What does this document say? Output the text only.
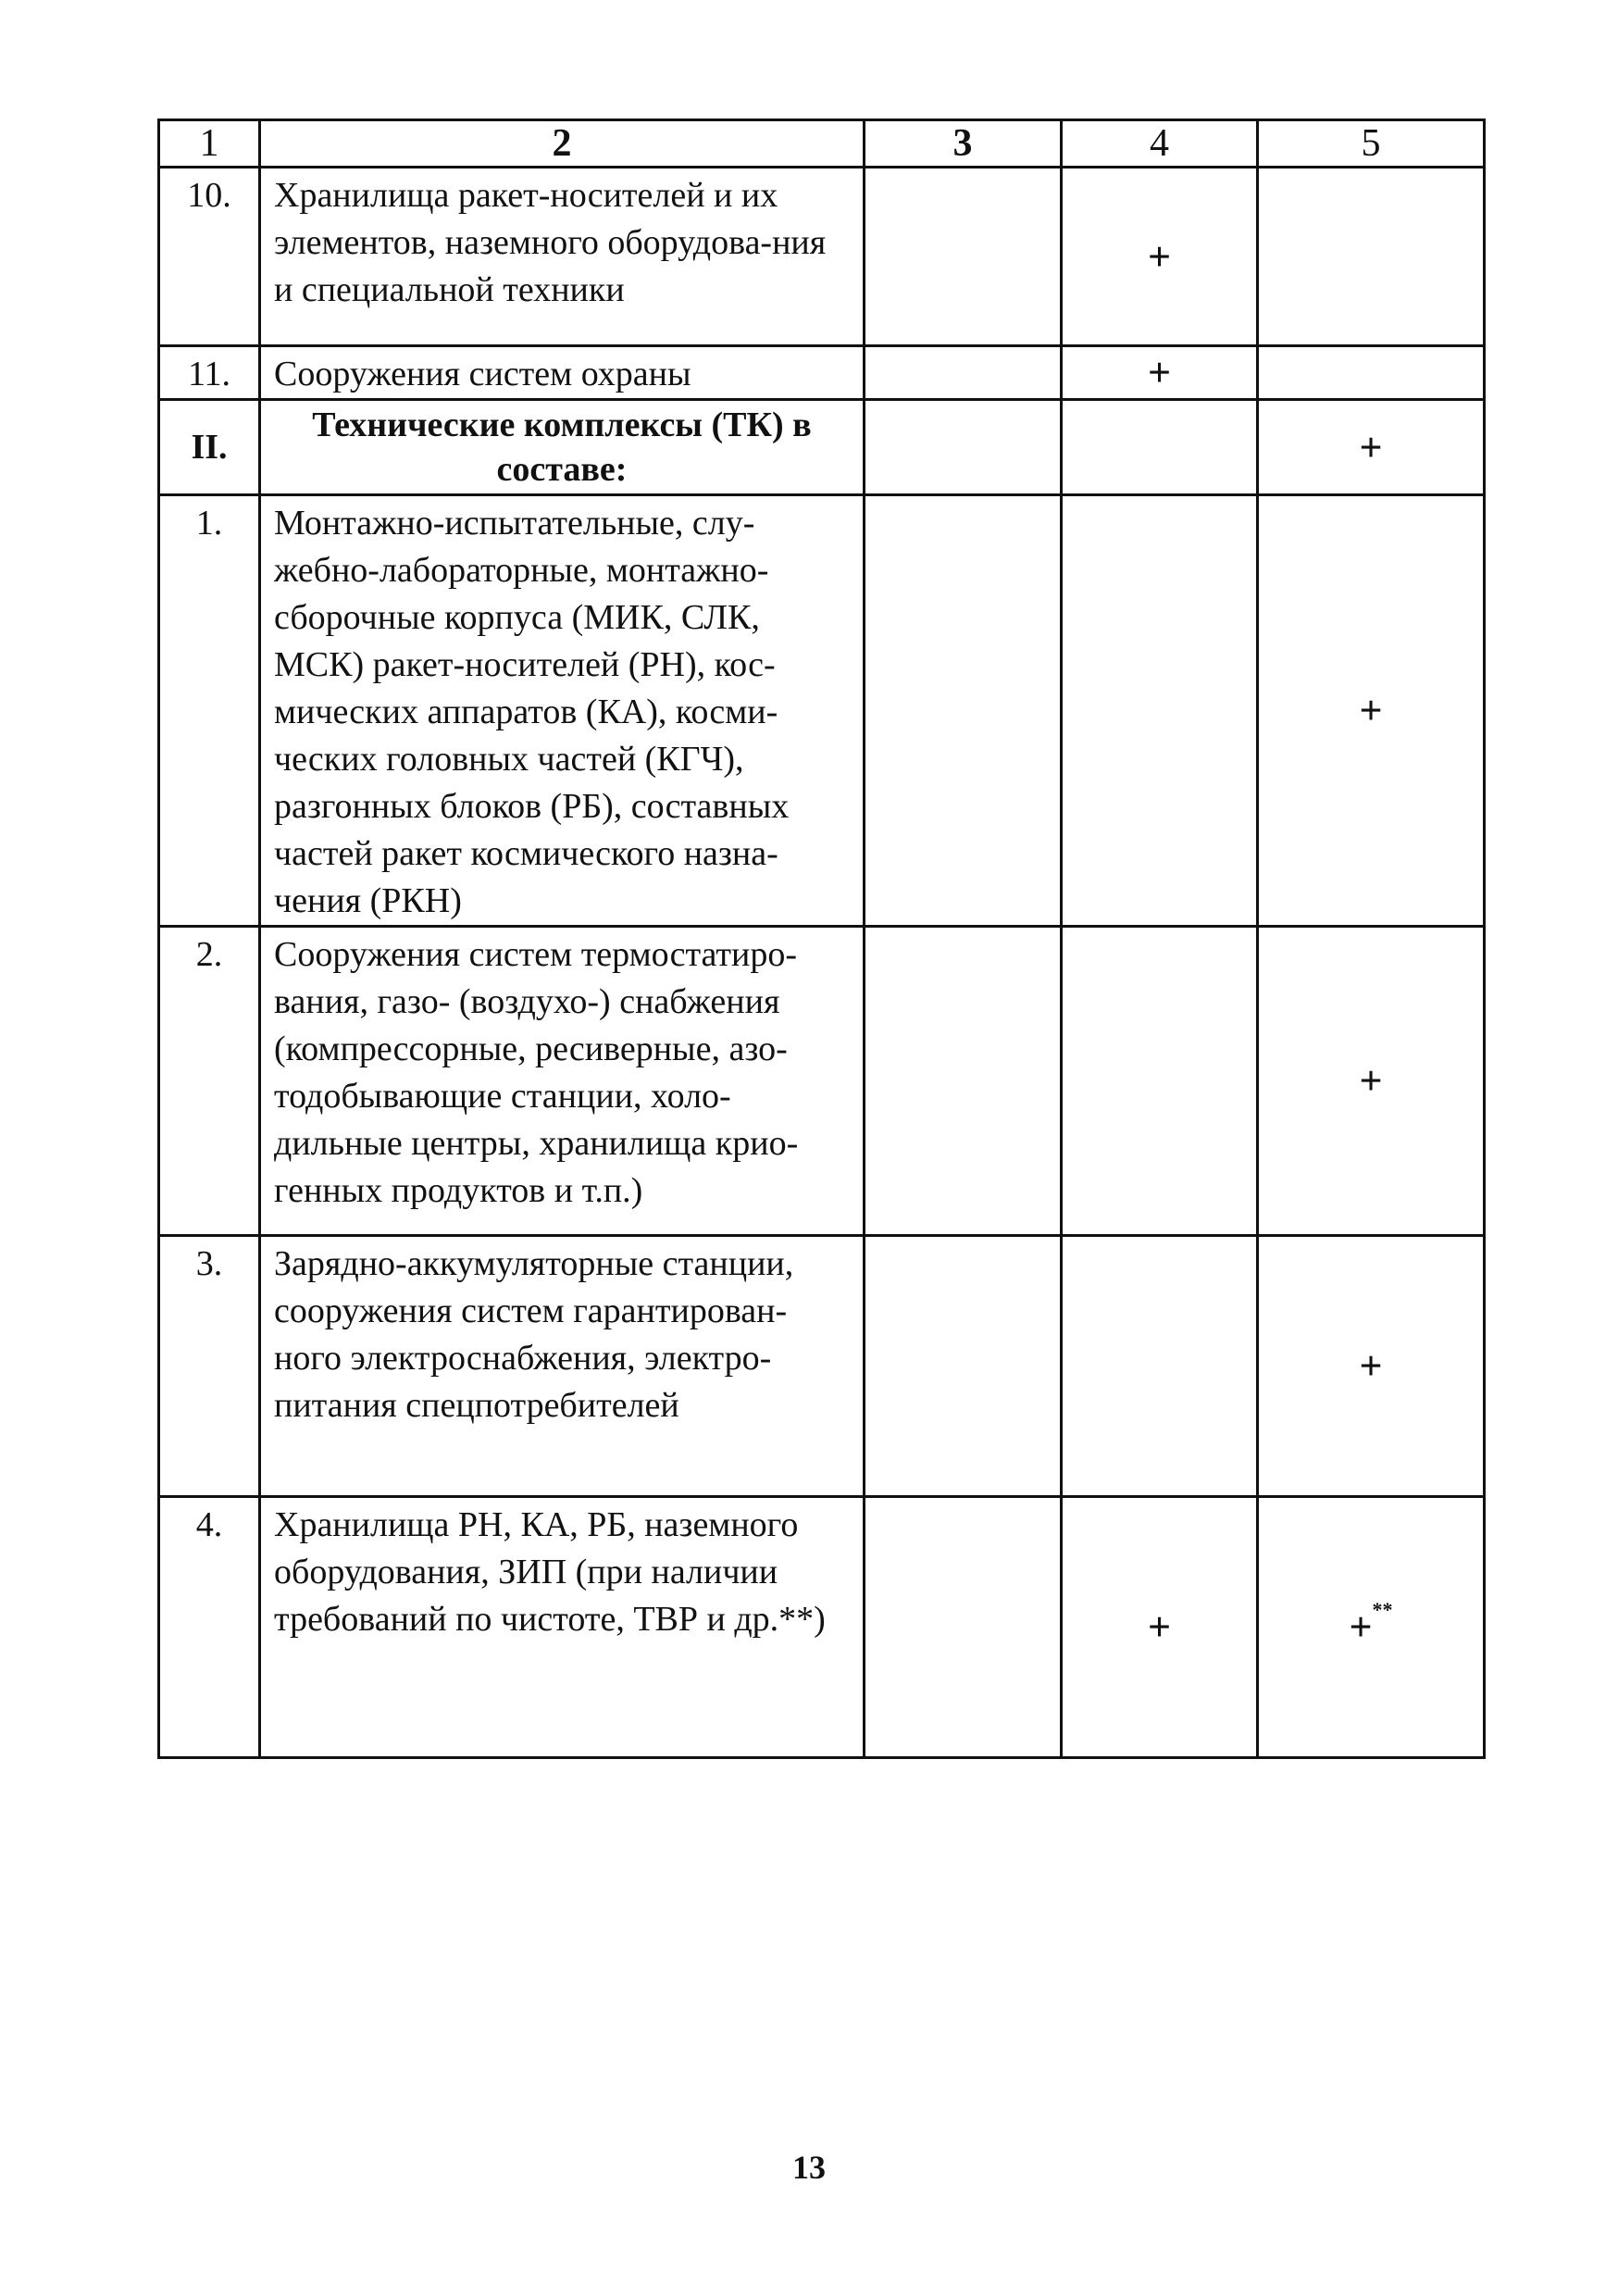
1	2	3	4	5
10.	Хранилища ракет-носителей и их элементов, наземного оборудова-ния и специальной техники		+	
11.	Сооружения систем охраны		+	
II.	Технические комплексы (ТК) в составе:			+
1.	Монтажно-испытательные, слу-жебно-лабораторные, монтажно-сборочные корпуса (МИК, СЛК, МСК) ракет-носителей (РН), кос-мических аппаратов (КА), косми-ческих головных частей (КГЧ), разгонных блоков (РБ), составных частей ракет космического назна-чения (РКН)			+
2.	Сооружения систем термостатиро-вания, газо- (воздухо-) снабжения (компрессорные, ресиверные, азо-тодобывающие станции, холо-дильные центры, хранилища крио-генных продуктов и т.п.)			+
3.	Зарядно-аккумуляторные станции, сооружения систем гарантирован-ного электроснабжения, электро-питания спецпотребителей			+
4.	Хранилища РН, КА, РБ, наземного оборудования, ЗИП (при наличии требований по чистоте, ТВР и др.**)		+	+**
13
